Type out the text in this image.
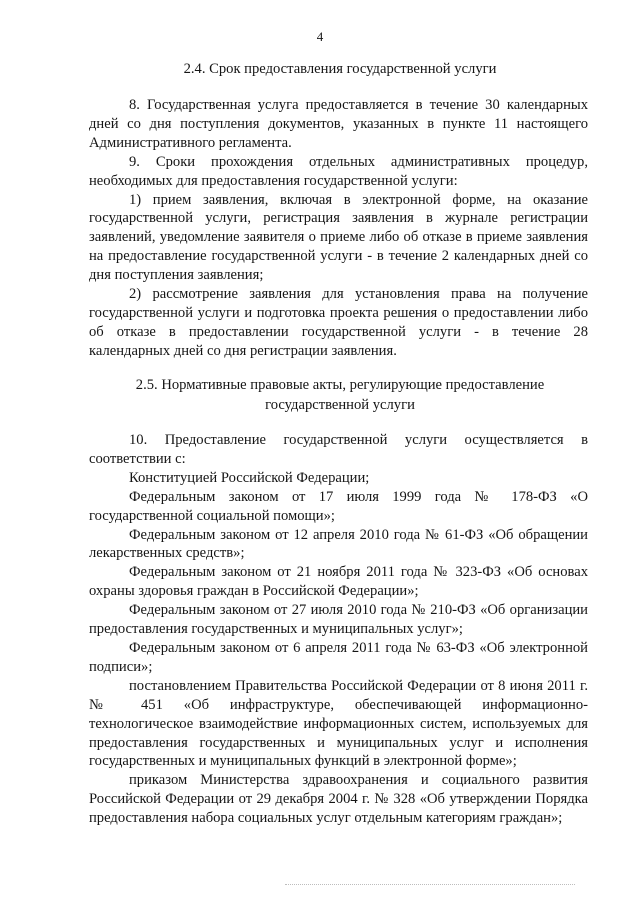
4
2.4. Срок предоставления государственной услуги

8. Государственная услуга предоставляется в течение 30 календарных дней со дня поступления документов, указанных в пункте 11 настоящего Административного регламента.

9. Сроки прохождения отдельных административных процедур, необходимых для предоставления государственной услуги:

1) прием заявления, включая в электронной форме, на оказание государственной услуги, регистрация заявления в журнале регистрации заявлений, уведомление заявителя о приеме либо об отказе в приеме заявления на предоставление государственной услуги - в течение 2 календарных дней со дня поступления заявления;

2) рассмотрение заявления для установления права на получение государственной услуги и подготовка проекта решения о предоставлении либо об отказе в предоставлении государственной услуги - в течение 28 календарных дней со дня регистрации заявления.

2.5. Нормативные правовые акты, регулирующие предоставление
государственной услуги

10. Предоставление государственной услуги осуществляется в соответствии с:

Конституцией Российской Федерации;

Федеральным законом от 17 июля 1999 года № 178-ФЗ «О государственной социальной помощи»;

Федеральным законом от 12 апреля 2010 года № 61-ФЗ «Об обращении лекарственных средств»;

Федеральным законом от 21 ноября 2011 года № 323-ФЗ «Об основах охраны здоровья граждан в Российской Федерации»;

Федеральным законом от 27 июля 2010 года № 210-ФЗ «Об организации предоставления государственных и муниципальных услуг»;

Федеральным законом от 6 апреля 2011 года № 63-ФЗ «Об электронной подписи»;

постановлением Правительства Российской Федерации от 8 июня 2011 г. № 451 «Об инфраструктуре, обеспечивающей информационно-технологическое взаимодействие информационных систем, используемых для предоставления государственных и муниципальных услуг и исполнения государственных и муниципальных функций в электронной форме»;

приказом Министерства здравоохранения и социального развития Российской Федерации от 29 декабря 2004 г. № 328 «Об утверждении Порядка предоставления набора социальных услуг отдельным категориям граждан»;
